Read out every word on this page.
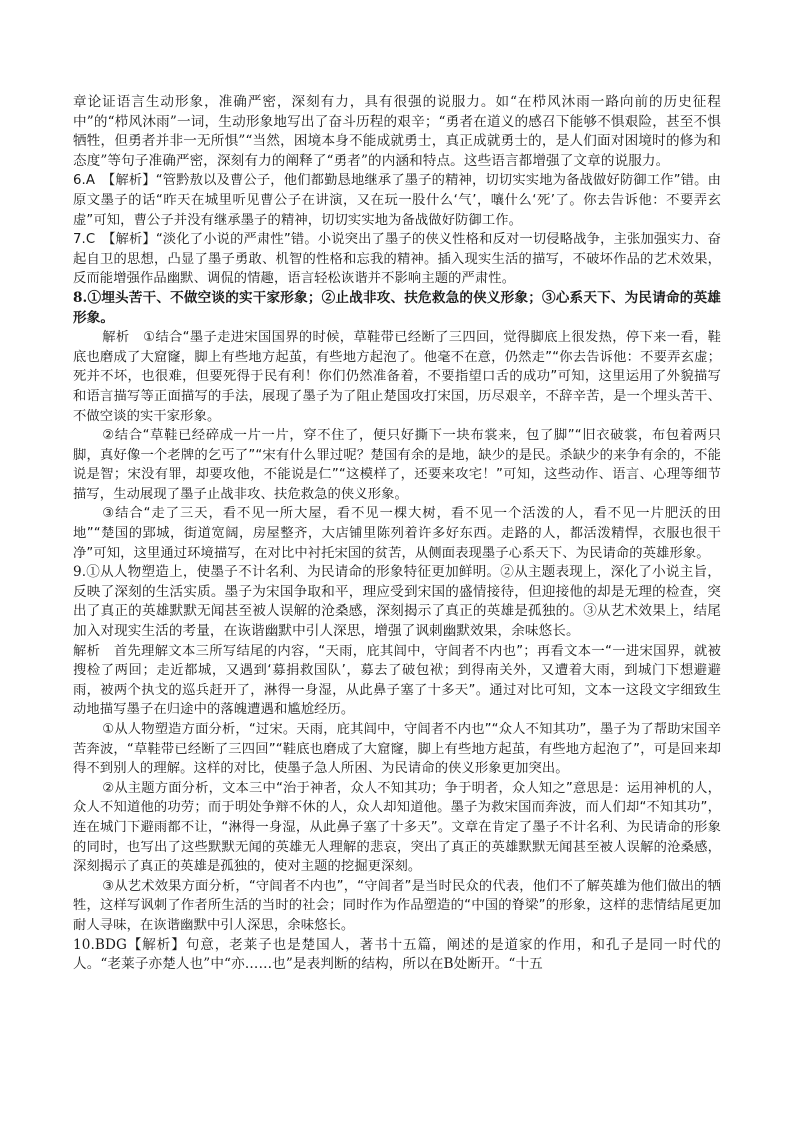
章论证语言生动形象，准确严密，深刻有力，具有很强的说服力。如“在栉风沐雨一路向前的历史征程中”的“栉风沐雨”一词，生动形象地写出了奋斗历程的艰辛；“勇者在道义的感召下能够不惧艰险，甚至不惧牺牲，但勇者并非一无所惧”“当然，困境本身不能成就勇士，真正成就勇士的，是人们面对困境时的修为和态度”等句子准确严密，深刻有力的阐释了“勇者”的内涵和特点。这些语言都增强了文章的说服力。

6.A　【解析】“管黔敖以及曹公子，他们都勤恳地继承了墨子的精神，切切实实地为备战做好防御工作”错。由原文墨子的话“昨天在城里听见曹公子在讲演，又在玩一股什么‘气’，嚷什么‘死’了。你去告诉他：不要弄玄虚”可知，曹公子并没有继承墨子的精神，切切实实地为备战做好防御工作。

7.C　【解析】“淡化了小说的严肃性”错。小说突出了墨子的侠义性格和反对一切侵略战争，主张加强实力、奋起自卫的思想，凸显了墨子勇敢、机智的性格和忘我的精神。插入现实生活的描写，不破坏作品的艺术效果，反而能增强作品幽默、调侃的情趣，语言轻松诙谐并不影响主题的严肃性。

8.①埋头苦干、不做空谈的实干家形象；②止战非攻、扶危救急的侠义形象；③心系天下、为民请命的英雄形象。

解析　①结合“墨子走进宋国国界的时候，草鞋带已经断了三四回，觉得脚底上很发热，停下来一看，鞋底也磨成了大窟窿，脚上有些地方起茧，有些地方起泡了。他毫不在意，仍然走”“你去告诉他：不要弄玄虚；死并不坏，也很难，但要死得于民有利！你们仍然准备着，不要指望口舌的成功”可知，这里运用了外貌描写和语言描写等正面描写的手法，展现了墨子为了阻止楚国攻打宋国，历尽艰辛，不辞辛苦，是一个埋头苦干、不做空谈的实干家形象。

②结合“草鞋已经碎成一片一片，穿不住了，便只好撕下一块布裳来，包了脚”“旧衣破裳，布包着两只脚，真好像一个老牌的乞丐了”“宋有什么罪过呢？楚国有余的是地，缺少的是民。杀缺少的来争有余的，不能说是智；宋没有罪，却要攻他，不能说是仁”“这模样了，还要来攻宅！”可知，这些动作、语言、心理等细节描写，生动展现了墨子止战非攻、扶危救急的侠义形象。

③结合“走了三天，看不见一所大屋，看不见一棵大树，看不见一个活泼的人，看不见一片肥沃的田地”“楚国的郢城，街道宽阔，房屋整齐，大店铺里陈列着许多好东西。走路的人，都活泼精悍，衣服也很干净”可知，这里通过环境描写，在对比中衬托宋国的贫苦，从侧面表现墨子心系天下、为民请命的英雄形象。

9.①从人物塑造上，使墨子不计名利、为民请命的形象特征更加鲜明。②从主题表现上，深化了小说主旨，反映了深刻的生活实质。墨子为宋国争取和平，理应受到宋国的盛情接待，但迎接他的却是无理的检查，突出了真正的英雄默默无闻甚至被人误解的沧桑感，深刻揭示了真正的英雄是孤独的。③从艺术效果上，结尾加入对现实生活的考量，在诙谐幽默中引人深思，增强了讽刺幽默效果，余味悠长。

解析　首先理解文本三所写结尾的内容，“天雨，庇其闾中，守闾者不内也”；再看文本一“一进宋国界，就被搜检了两回；走近都城，又遇到‘募捐救国队’，募去了破包袱；到得南关外，又遭着大雨，到城门下想避避雨，被两个执戈的巡兵赶开了，淋得一身湿，从此鼻子塞了十多天”。通过对比可知，文本一这段文字细致生动地描写墨子在归途中的落魄遭遇和尴尬经历。

①从人物塑造方面分析，“过宋。天雨，庇其闾中，守闾者不内也”“众人不知其功”，墨子为了帮助宋国辛苦奔波，“草鞋带已经断了三四回”“鞋底也磨成了大窟窿，脚上有些地方起茧，有些地方起泡了”，可是回来却得不到别人的理解。这样的对比，使墨子急人所困、为民请命的侠义形象更加突出。

②从主题方面分析，文本三中“治于神者，众人不知其功；争于明者，众人知之”意思是：运用神机的人，众人不知道他的功劳；而于明处争辩不休的人，众人却知道他。墨子为救宋国而奔波，而人们却“不知其功”，连在城门下避雨都不让，“淋得一身湿，从此鼻子塞了十多天”。文章在肯定了墨子不计名利、为民请命的形象的同时，也写出了这些默默无闻的英雄无人理解的悲哀，突出了真正的英雄默默无闻甚至被人误解的沧桑感，深刻揭示了真正的英雄是孤独的，使对主题的挖掘更深刻。

③从艺术效果方面分析，“守闾者不内也”，“守闾者”是当时民众的代表，他们不了解英雄为他们做出的牺牲，这样写讽刺了作者所生活的当时的社会；同时作为作品塑造的“中国的脊梁”的形象，这样的悲情结尾更加耐人寻味，在诙谐幽默中引人深思，余味悠长。

10.BDG【解析】句意，老莱子也是楚国人，著书十五篇，阐述的是道家的作用，和孔子是同一时代的人。“老莱子亦楚人也”中“亦……也”是表判断的结构，所以在B处断开。“十五
